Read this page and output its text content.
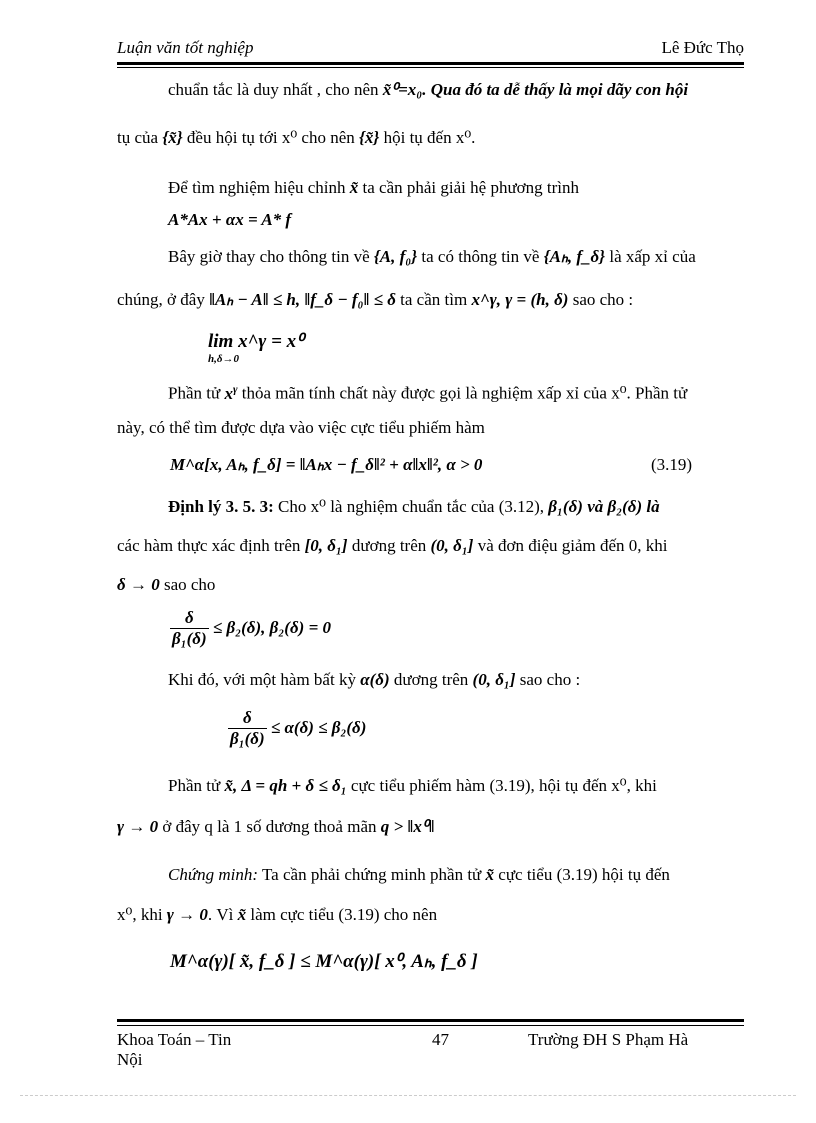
Luận văn tốt nghiệp	Lê Đức Thọ
chuẩn tắc là duy nhất , cho nên x̃⁰=x₀. Qua đó ta dễ thấy là mọi dãy con hội
tụ của {x̃} đều hội tụ tới x⁰ cho nên {x̃} hội tụ đến x⁰.
Để tìm nghiệm hiệu chỉnh x̃ ta cần phải giải hệ phương trình
A*Ax + αx = A* f
Bây giờ thay cho thông tin về {A, f₀} ta có thông tin về {Aₕ, f_δ} là xấp xỉ của
chúng, ở đây ‖Aₕ − A‖ ≤ h, ‖f_δ − f₀‖ ≤ δ ta cần tìm x^γ, γ = (h, δ) sao cho :
lim x^γ = x⁰
h,δ→0
Phần tử $x^\gamma$ thỏa mãn tính chất này được gọi là nghiệm xấp xỉ của x⁰. Phần tử
này, có thể tìm được dựa vào việc cực tiểu phiếm hàm
M^α[x, Aₕ, f_δ] = ‖Aₕx − f_δ‖² + α‖x‖², α > 0	(3.19)
Định lý 3. 5. 3: Cho x⁰ là nghiệm chuẩn tắc của (3.12), β₁(δ) và β₂(δ) là
các hàm thực xác định trên [0, δ₁] dương trên (0, δ₁] và đơn điệu giảm đến 0, khi
δ → 0 sao cho
$\frac{\delta}{\text{β₁(δ)}} \le \beta_2(\delta)$, β₂(δ) = 0
Khi đó, với một hàm bất kỳ α(δ) dương trên (0, δ₁] sao cho :
$\frac{\delta}{\text{β₁(δ)}} \le \alpha(\delta) \le \beta_2(\delta)$
Phần tử x̃, Δ = qh + δ ≤ δ₁ cực tiểu phiếm hàm (3.19), hội tụ đến x⁰, khi
γ → 0 ở đây q là 1 số dương thoả mãn q > ‖x⁰‖
Chứng minh: Ta cần phải chứng minh phần tử x̃ cực tiểu (3.19) hội tụ đến
x⁰, khi γ → 0. Vì x̃ làm cực tiểu (3.19) cho nên
M^α(γ)[ x̃, f_δ ] ≤ M^α(γ)[ x⁰, Aₕ, f_δ ]
Khoa Toán – Tin
Nội
47	Trường ĐH S Phạm Hà
